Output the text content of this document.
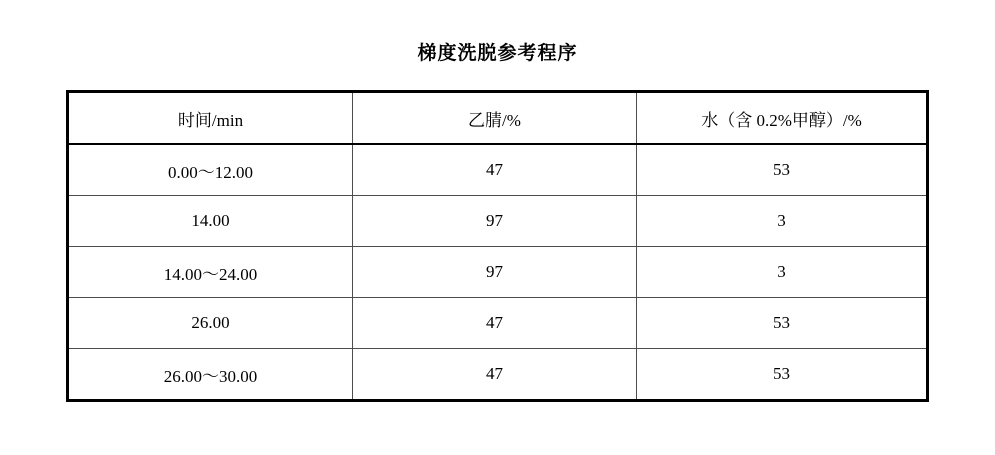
梯度洗脱参考程序
时间/min	乙腈/%	水（含 0.2%甲醇）/%
0.00～12.00	47	53
14.00	97	3
14.00～24.00	97	3
26.00	47	53
26.00～30.00	47	53
